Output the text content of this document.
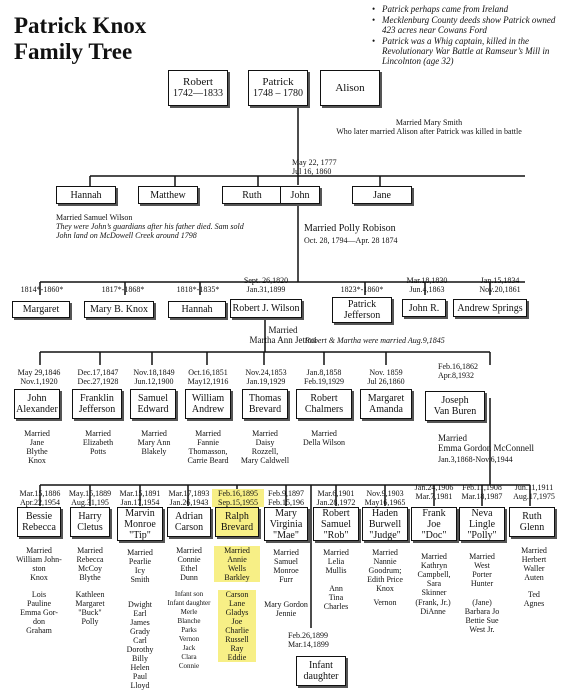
Patrick Knox
Family Tree
• Patrick perhaps came from Ireland
• Mecklenburg County deeds show Patrick owned 423 acres near Cowans Ford
• Patrick was a Whig captain, killed in the Revolutionary War Battle at Ramseur’s Mill in Lincolnton (age 32)
Robert
1742—1833
Patrick
1748 – 1780	Alison
Married Mary Smith
Who later married Alison after Patrick was killed in battle
May 22, 1777
Jul 16, 1860
Hannah	Matthew	Ruth	John	Jane
Married Samuel Wilson
They were John’s guardians after his father died. Sam sold John land on McDowell Creek around 1798
Married Polly Robison
Oct. 28, 1794—Apr. 28 1874
1814*-1860*
Margaret
1817*-1868*
Mary B. Knox
1818*-1835*
Hannah
Sept. 26,1820
Jan.31,1899
Robert J. Wilson
1823*-1860*
Patrick
Jefferson
Mar.18,1830
Jun.4,1863
John R.
Jan.15,1834
Nov.20,1861
Andrew Springs
Married
Martha Ann Jetton
Robert & Martha were married Aug.9,1845
May 29,1846
Nov.1,1920
John
Alexander
Married
Jane
Blythe
Knox
Dec.17,1847
Dec.27,1928
Franklin
Jefferson
Married
Elizabeth
Potts
Nov.18,1849
Jun.12,1900
Samuel
Edward
Married
Mary Ann
Blakely
Oct.16,1851
May12,1916
William
Andrew
Married
Fannie
Thomasson,
Carrie Beard
Nov.24,1853
Jan.19,1929
Thomas
Brevard
Married
Daisy
Rozzell,
Mary Caldwell
Jan.8,1858
Feb.19,1929
Robert
Chalmers
Married
Della Wilson
Nov. 1859
Jul 26,1860
Margaret
Amanda
Feb.16,1862
Apr.8,1932
Joseph
Van Buren
Married
Emma Gordon McConnell
Jan.3,1868-Nov.6,1944
Mar.15,1886
Apr.22,1954
Bessie
Rebecca
Married
William John-
ston
Knox
Lois
Pauline
Emma Gor-
don
Graham
May.15,1889
Aug.31,195
Harry
Cletus
Married
Rebecca
McCoy
Blythe
Kathleen
Margaret
"Buck"
Polly
Mar.15,1891
Jan.17,1954
Marvin
Monroe
"Tip"
Married
Pearlie
Icy
Smith
Dwight
Earl
James
Grady
Carl
Dorothy
Billy
Helen
Paul
Lloyd
Mar.17,1893
Jan.26,1943
Adrian
Carson
Married
Connie
Ethel
Dunn
Infant son
Infant daughter
Merle
Blanche
Parks
Vernon
Jack
Clara
Connie
Feb.16,1895
Sep.15,1955
Ralph
Brevard
Married
Annie
Wells
Barkley
Carson
Lane
Gladys
Joe
Charlie
Russell
Ray
Eddie
Feb.9,1897
Feb.15,196
Mary
Virginia
"Mae"
Married
Samuel
Monroe
Furr
Mary Gordon
Jennie
Mar.6,1901
Jan.28,1972
Robert
Samuel
"Rob"
Married
Lelia
Mullis
Ann
Tina
Charles
Nov.9,1903
May16,1965
Haden
Burwell
"Judge"
Married
Nannie
Goodrum;
Edith Price
Knox
Vernon
Jan.24,1906
Mar.7,1981
Frank
Joe
"Doc"
Married
Kathryn
Campbell,
Sara
Skinner
(Frank, Jr.)
DiAnne
Feb.11,1908
Mar.18,1987
Neva
Lingle
"Polly"
Married
West
Porter
Hunter
(Jane)
Barbara Jo
Bettie Sue
West Jr.
Jun.11,1911
Aug.17,1975
Ruth
Glenn
Married
Herbert
Waller
Auten
Ted
Agnes
Feb.26,1899
Mar.14,1899
Infant
daughter
